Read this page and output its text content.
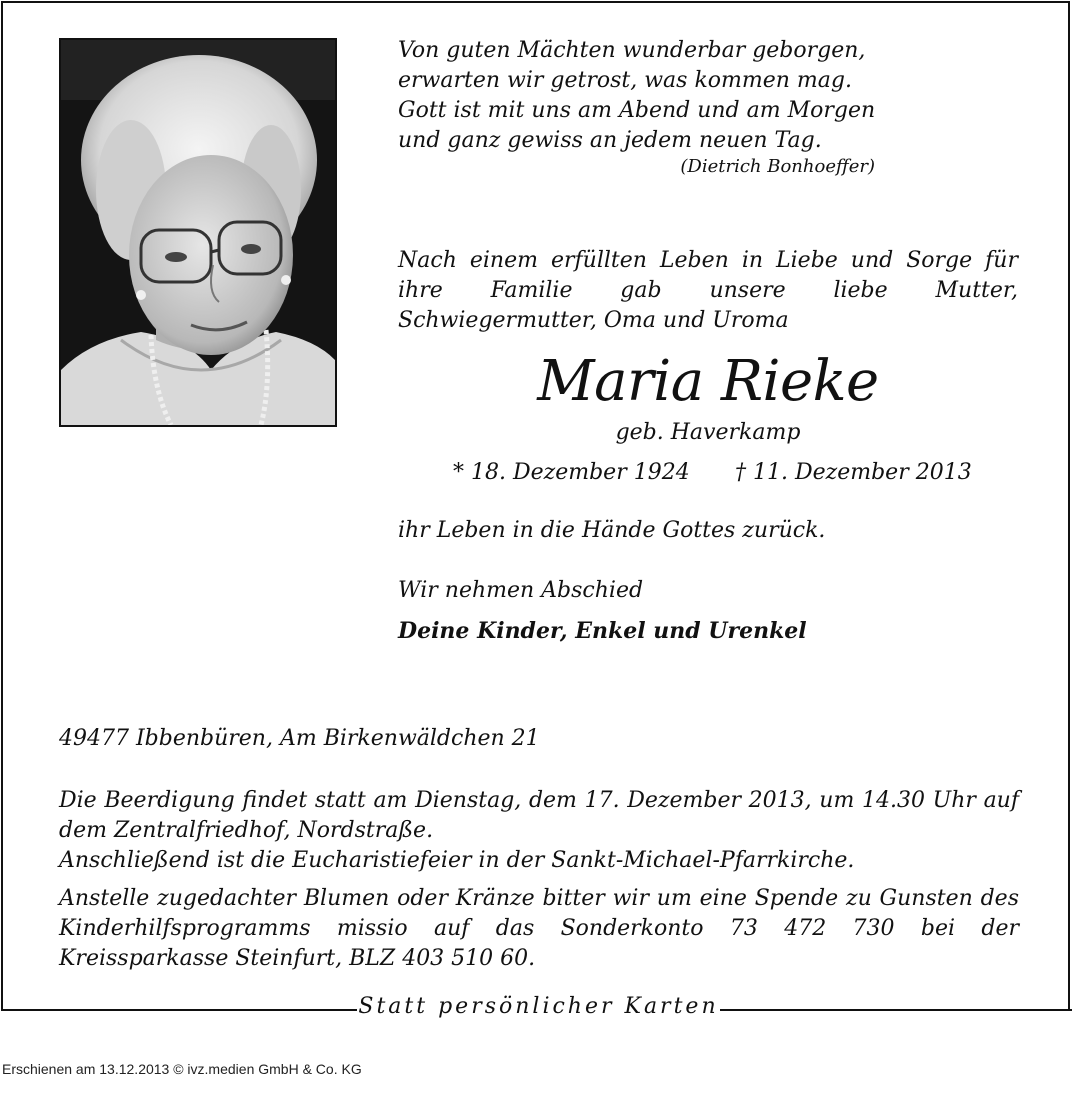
Statt persönlicher Karten
Von guten Mächten wunderbar geborgen,
erwarten wir getrost, was kommen mag.
Gott ist mit uns am Abend und am Morgen
und ganz gewiss an jedem neuen Tag.
(Dietrich Bonhoeffer)
Nach einem erfüllten Leben in Liebe und Sorge für ihre Familie gab unsere liebe Mutter, Schwiegermutter, Oma und Uroma
Maria Rieke
geb. Haverkamp
* 18. Dezember 1924 † 11. Dezember 2013
ihr Leben in die Hände Gottes zurück.
Wir nehmen Abschied
Deine Kinder, Enkel und Urenkel
49477 Ibbenbüren, Am Birkenwäldchen 21

Die Beerdigung findet statt am Dienstag, dem 17. Dezember 2013, um 14.30 Uhr auf dem Zentralfriedhof, Nordstraße.

Anschließend ist die Eucharistiefeier in der Sankt-Michael-Pfarrkirche.

Anstelle zugedachter Blumen oder Kränze bitter wir um eine Spende zu Gunsten des Kinderhilfsprogramms missio auf das Sonderkonto 73 472 730 bei der Kreissparkasse Steinfurt, BLZ 403 510 60.
Erschienen am 13.12.2013 © ivz.medien GmbH & Co. KG
